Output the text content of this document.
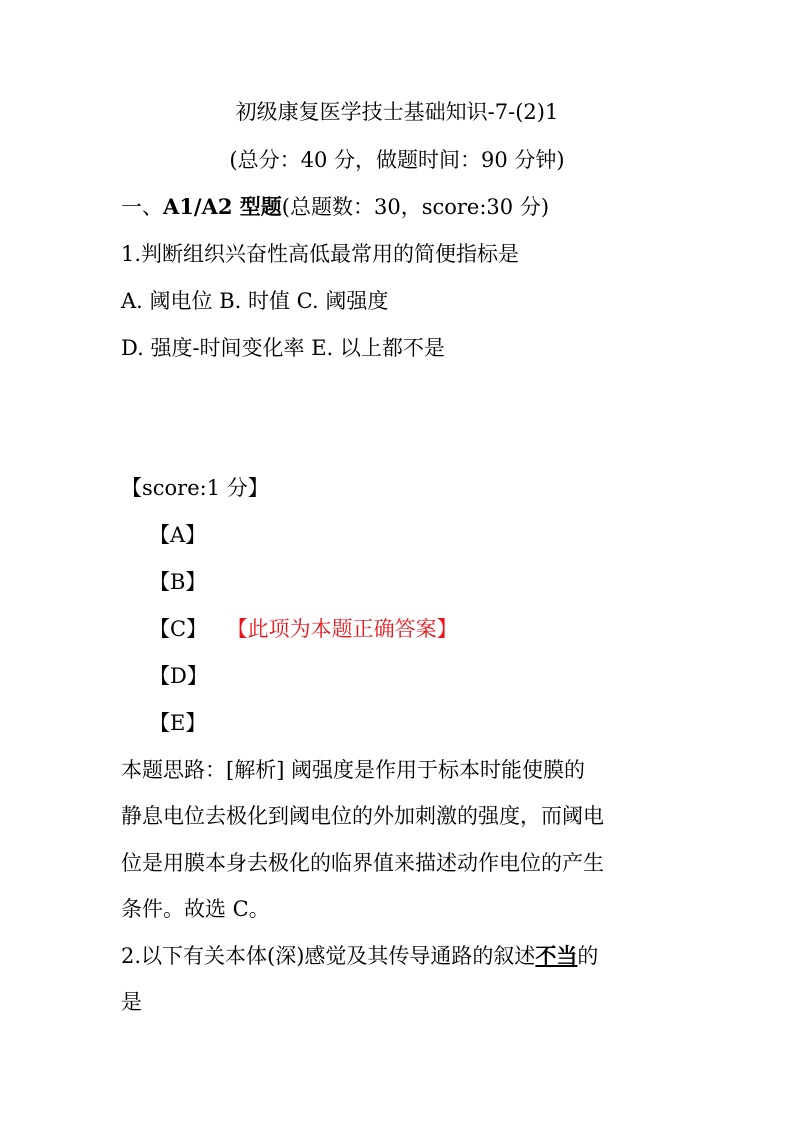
初级康复医学技士基础知识-7-(2)1
(总分：40 分，做题时间：90 分钟)
一、A1/A2 型题(总题数：30，score:30 分)
1.判断组织兴奋性高低最常用的简便指标是
A. 阈电位 B. 时值 C. 阈强度
D. 强度-时间变化率 E. 以上都不是
【score:1 分】
【A】
【B】
【C】 【此项为本题正确答案】
【D】
【E】
本题思路：[解析] 阈强度是作用于标本时能使膜的
静息电位去极化到阈电位的外加刺激的强度，而阈电
位是用膜本身去极化的临界值来描述动作电位的产生
条件。故选 C。
2.以下有关本体(深)感觉及其传导通路的叙述不当的
是
